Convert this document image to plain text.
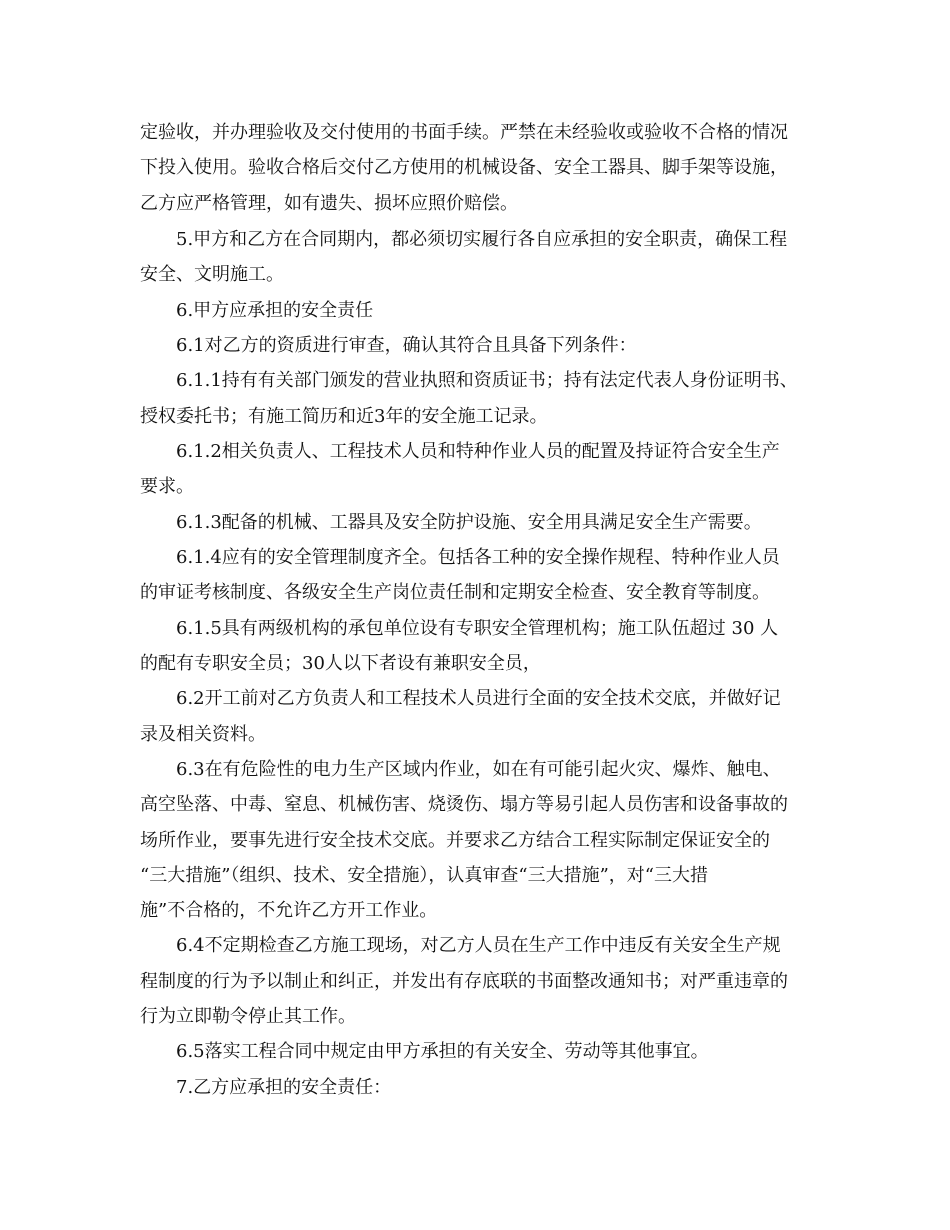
定验收，并办理验收及交付使用的书面手续。严禁在未经验收或验收不合格的情况
下投入使用。验收合格后交付乙方使用的机械设备、安全工器具、脚手架等设施，
乙方应严格管理，如有遗失、损坏应照价赔偿。
5.甲方和乙方在合同期内，都必须切实履行各自应承担的安全职责，确保工程
安全、文明施工。
6.甲方应承担的安全责任
6.1对乙方的资质进行审查，确认其符合且具备下列条件：
6.1.1持有有关部门颁发的营业执照和资质证书；持有法定代表人身份证明书、
授权委托书；有施工简历和近3年的安全施工记录。
6.1.2相关负责人、工程技术人员和特种作业人员的配置及持证符合安全生产
要求。
6.1.3配备的机械、工器具及安全防护设施、安全用具满足安全生产需要。
6.1.4应有的安全管理制度齐全。包括各工种的安全操作规程、特种作业人员
的审证考核制度、各级安全生产岗位责任制和定期安全检查、安全教育等制度。
6.1.5具有两级机构的承包单位设有专职安全管理机构；施工队伍超过 30 人
的配有专职安全员；30人以下者设有兼职安全员，
6.2开工前对乙方负责人和工程技术人员进行全面的安全技术交底，并做好记
录及相关资料。
6.3在有危险性的电力生产区域内作业，如在有可能引起火灾、爆炸、触电、
高空坠落、中毒、窒息、机械伤害、烧烫伤、塌方等易引起人员伤害和设备事故的
场所作业，要事先进行安全技术交底。并要求乙方结合工程实际制定保证安全的
“三大措施”（组织、技术、安全措施），认真审查“三大措施”，对“三大措
施”不合格的，不允许乙方开工作业。
6.4不定期检查乙方施工现场，对乙方人员在生产工作中违反有关安全生产规
程制度的行为予以制止和纠正，并发出有存底联的书面整改通知书；对严重违章的
行为立即勒令停止其工作。
6.5落实工程合同中规定由甲方承担的有关安全、劳动等其他事宜。
7.乙方应承担的安全责任：
